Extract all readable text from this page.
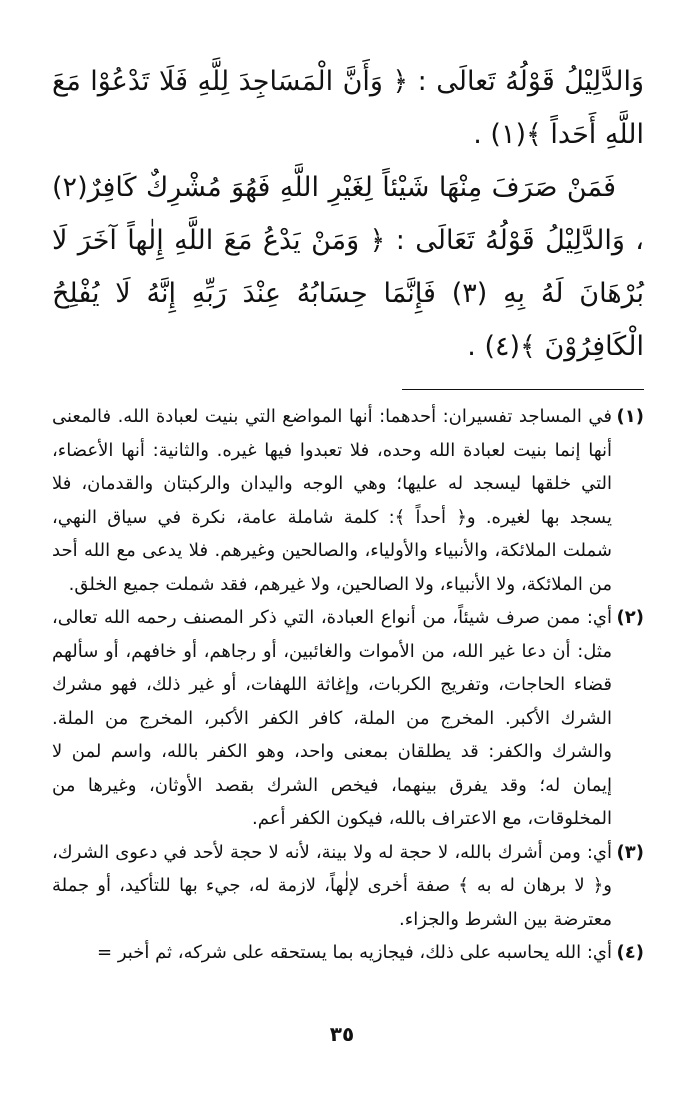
وَالدَّلِيْلُ قَوْلُهُ تَعالَى : ﴿ وَأَنَّ الْمَسَاجِدَ لِلَّهِ فَلَا تَدْعُوْا مَعَ اللَّهِ أَحَداً ﴾(١) .

فَمَنْ صَرَفَ مِنْهَا شَيْئاً لِغَيْرِ اللَّهِ فَهُوَ مُشْرِكٌ كَافِرٌ(٢) ، وَالدَّلِيْلُ قَوْلُهُ تَعَالَى : ﴿ وَمَنْ يَدْعُ مَعَ اللَّهِ إِلٰهاً آخَرَ لَا بُرْهَانَ لَهُ بِهِ (٣) فَإِنَّمَا حِسَابُهُ عِنْدَ رَبِّهِ إِنَّهُ لَا يُفْلِحُ الْكَافِرُوْنَ ﴾(٤) .

(١)
في المساجد تفسيران: أحدهما: أنها المواضع التي بنيت لعبادة الله. فالمعنى أنها إنما بنيت لعبادة الله وحده، فلا تعبدوا فيها غيره. والثانية: أنها الأعضاء، التي خلقها ليسجد له عليها؛ وهي الوجه واليدان والركبتان والقدمان، فلا يسجد بها لغيره. و﴿ أحداً ﴾: كلمة شاملة عامة، نكرة في سياق النهي، شملت الملائكة، والأنبياء والأولياء، والصالحين وغيرهم. فلا يدعى مع الله أحد من الملائكة، ولا الأنبياء، ولا الصالحين، ولا غيرهم، فقد شملت جميع الخلق.

(٢)
أي: ممن صرف شيئاً، من أنواع العبادة، التي ذكر المصنف رحمه الله تعالى، مثل: أن دعا غير الله، من الأموات والغائبين، أو رجاهم، أو خافهم، أو سألهم قضاء الحاجات، وتفريج الكربات، وإغاثة اللهفات، أو غير ذلك، فهو مشرك الشرك الأكبر. المخرج من الملة، كافر الكفر الأكبر، المخرج من الملة. والشرك والكفر: قد يطلقان بمعنى واحد، وهو الكفر بالله، واسم لمن لا إيمان له؛ وقد يفرق بينهما، فيخص الشرك بقصد الأوثان، وغيرها من المخلوقات، مع الاعتراف بالله، فيكون الكفر أعم.

(٣)
أي: ومن أشرك بالله، لا حجة له ولا بينة، لأنه لا حجة لأحد في دعوى الشرك، و﴿ لا برهان له به ﴾ صفة أخرى لإلٰهاً، لازمة له، جيء بها للتأكيد، أو جملة معترضة بين الشرط والجزاء.

(٤)
أي: الله يحاسبه على ذلك، فيجازيه بما يستحقه على شركه، ثم أخبر =

٣٥
